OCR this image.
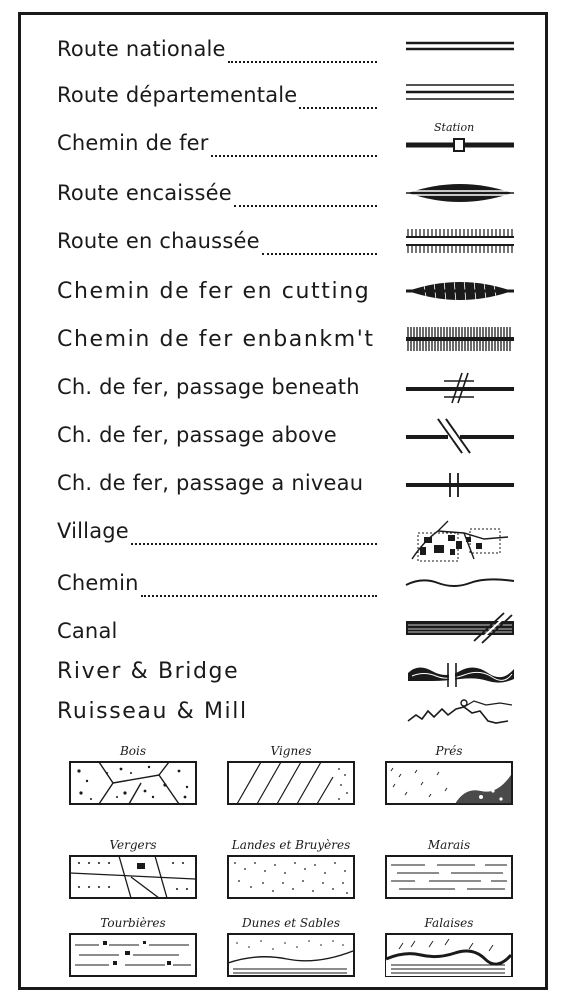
Route nationale
Route départementale
Chemin de fer
Station
Route encaissée
Route en chaussée
Chemin de fer en cutting
Chemin de fer enbankm't
Ch. de fer, passage beneath
Ch. de fer, passage above
Ch. de fer, passage a niveau
Village
Chemin
Canal
River & Bridge
Ruisseau & Mill
Bois	Vignes	Prés
Vergers	Landes et Bruyères	Marais
Tourbières	Dunes et Sables	Falaises
